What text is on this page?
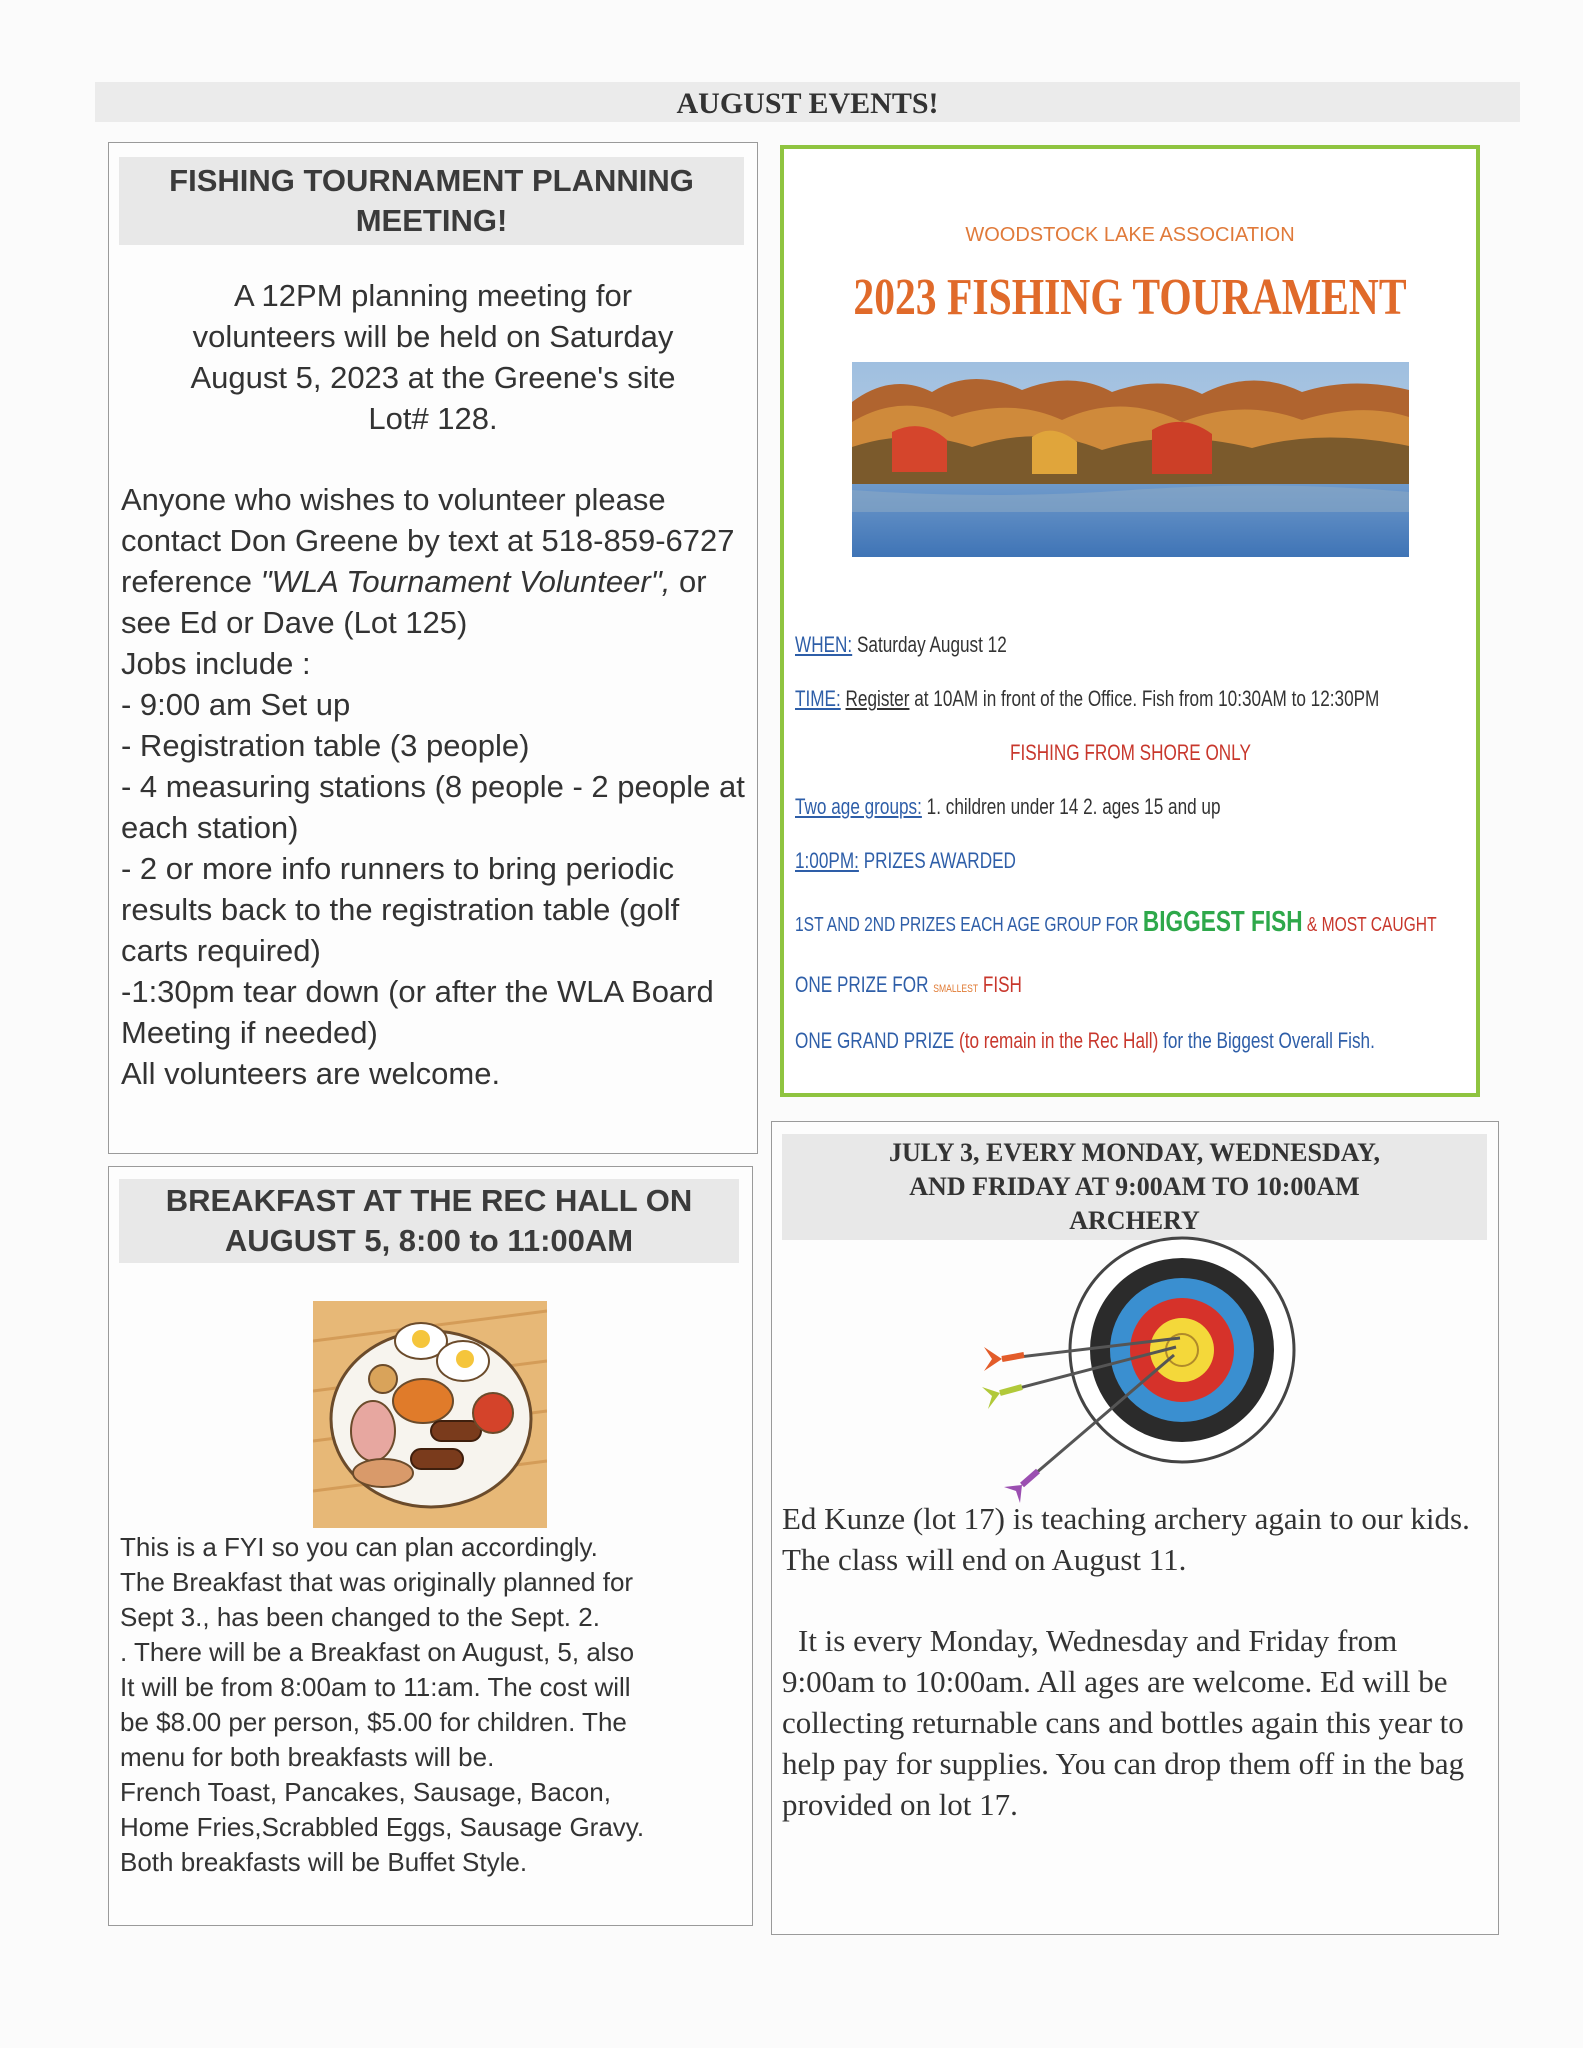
AUGUST EVENTS!
FISHING TOURNAMENT PLANNING MEETING!
A 12PM planning meeting for
volunteers will be held on Saturday
August 5, 2023 at the Greene's site
Lot# 128.
Anyone who wishes to volunteer please contact Don Greene by text at 518-859-6727 reference "WLA Tournament Volunteer", or see Ed or Dave (Lot 125)
Jobs include :
- 9:00 am Set up
- Registration table (3 people)
- 4 measuring stations (8 people - 2 people at each station)
- 2 or more info runners to bring periodic results back to the registration table (golf carts required)
-1:30pm tear down (or after the WLA Board Meeting if needed)
All volunteers are welcome.
WOODSTOCK LAKE ASSOCIATION
2023 FISHING TOURAMENT
WHEN: Saturday August 12
TIME: Register at 10AM in front of the Office. Fish from 10:30AM to 12:30PM
FISHING FROM SHORE ONLY
Two age groups: 1. children under 14 2. ages 15 and up
1:00PM: PRIZES AWARDED
1ST AND 2ND PRIZES EACH AGE GROUP FOR BIGGEST FISH & MOST CAUGHT
ONE PRIZE FOR SMALLEST FISH
ONE GRAND PRIZE (to remain in the Rec Hall) for the Biggest Overall Fish.
BREAKFAST AT THE REC HALL ON AUGUST 5, 8:00 to 11:00AM
This is a FYI so you can plan accordingly.
The Breakfast that was originally planned for
Sept 3., has been changed to the Sept. 2.
. There will be a Breakfast on August, 5, also
It will be from 8:00am to 11:am. The cost will
be $8.00 per person, $5.00 for children. The
menu for both breakfasts will be.
French Toast, Pancakes, Sausage, Bacon,
Home Fries,Scrabbled Eggs, Sausage Gravy.
Both breakfasts will be Buffet Style.
JULY 3, EVERY MONDAY, WEDNESDAY,
AND FRIDAY AT 9:00AM TO 10:00AM
ARCHERY
Ed Kunze (lot 17) is teaching archery again to our kids. The class will end on August 11.
It is every Monday, Wednesday and Friday from 9:00am to 10:00am. All ages are welcome. Ed will be collecting returnable cans and bottles again this year to help pay for supplies. You can drop them off in the bag provided on lot 17.
